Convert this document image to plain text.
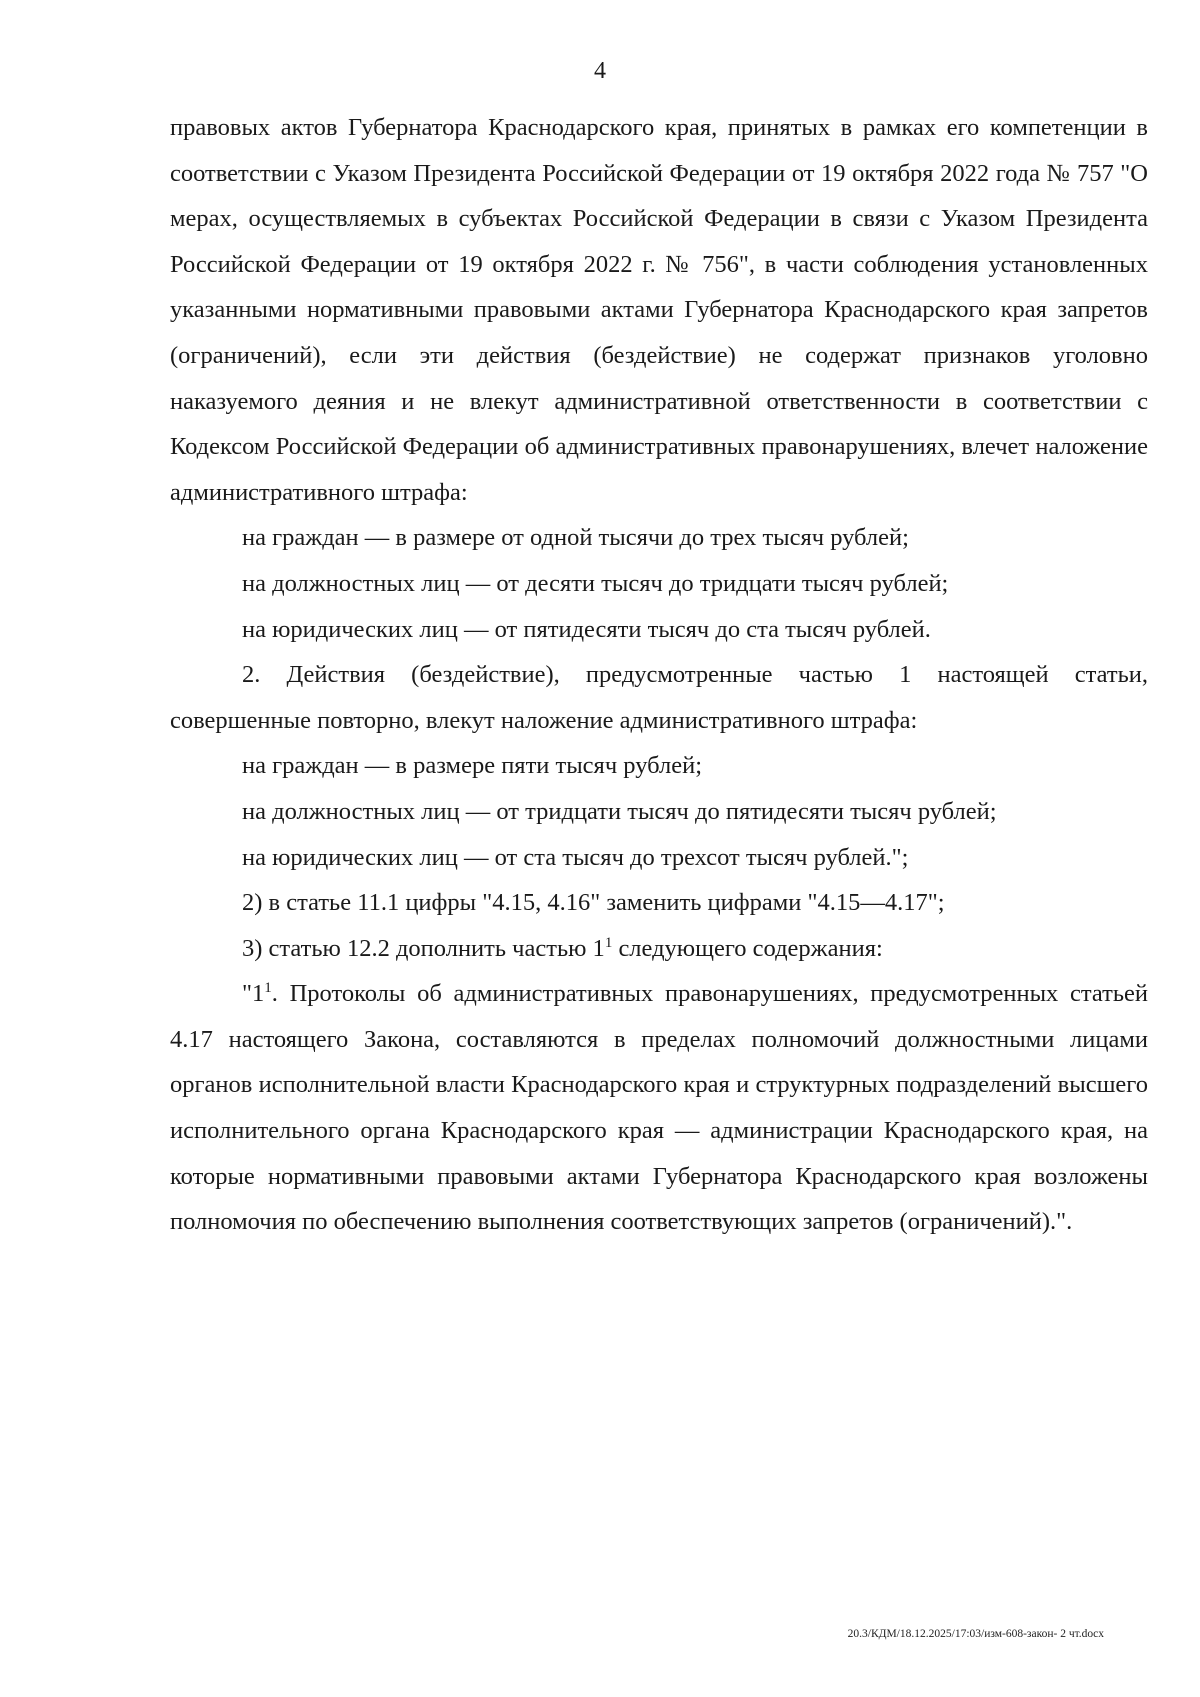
4

правовых актов Губернатора Краснодарского края, принятых в рамках его компетенции в соответствии с Указом Президента Российской Федерации от 19 октября 2022 года № 757 "О мерах, осуществляемых в субъектах Российской Федерации в связи с Указом Президента Российской Федерации от 19 октября 2022 г. № 756", в части соблюдения установленных указанными нормативными правовыми актами Губернатора Краснодарского края запретов (ограничений), если эти действия (бездействие) не содержат признаков уголовно наказуемого деяния и не влекут административной ответственности в соответствии с Кодексом Российской Федерации об административных правонарушениях, влечет наложение административного штрафа:

на граждан — в размере от одной тысячи до трех тысяч рублей;

на должностных лиц — от десяти тысяч до тридцати тысяч рублей;

на юридических лиц — от пятидесяти тысяч до ста тысяч рублей.

2. Действия (бездействие), предусмотренные частью 1 настоящей статьи, совершенные повторно, влекут наложение административного штрафа:

на граждан — в размере пяти тысяч рублей;

на должностных лиц — от тридцати тысяч до пятидесяти тысяч рублей;

на юридических лиц — от ста тысяч до трехсот тысяч рублей.";

2) в статье 11.1 цифры "4.15, 4.16" заменить цифрами "4.15—4.17";

3) статью 12.2 дополнить частью $1^1$ следующего содержания:

"$1^1$. Протоколы об административных правонарушениях, предусмотренных статьей 4.17 настоящего Закона, составляются в пределах полномочий должностными лицами органов исполнительной власти Краснодарского края и структурных подразделений высшего исполнительного органа Краснодарского края — администрации Краснодарского края, на которые нормативными правовыми актами Губернатора Краснодарского края возложены полномочия по обеспечению выполнения соответствующих запретов (ограничений).".

20.3/КДМ/18.12.2025/17:03/изм-608-закон- 2 чт.docx
